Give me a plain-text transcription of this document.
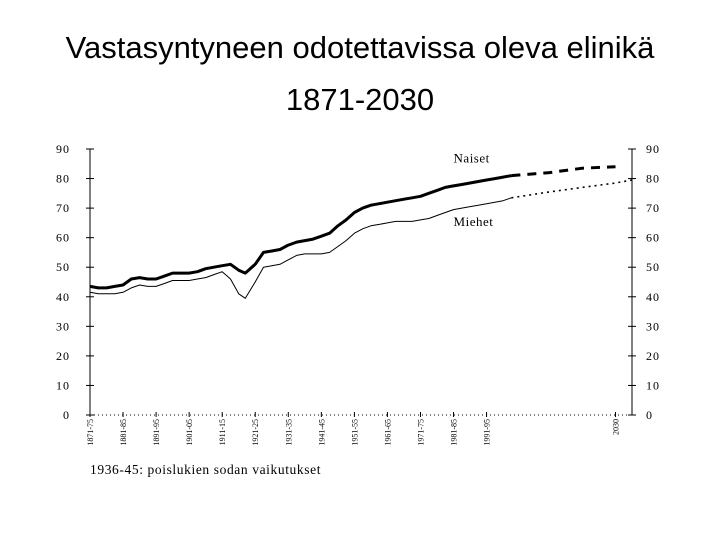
Vastasyntyneen odotettavissa oleva elinikä
1871-2030
0	0
10	10
20	20
30	30
40	40
50	50
60	60
70	70
80	80
90	90
1871-75	1881-85	1891-95	1901-05	1911-15	1921-25	1931-35	1941-45	1951-55	1961-65	1971-75	1981-85	1991-95	2030
Naiset
Miehet
1936-45: poislukien sodan vaikutukset
